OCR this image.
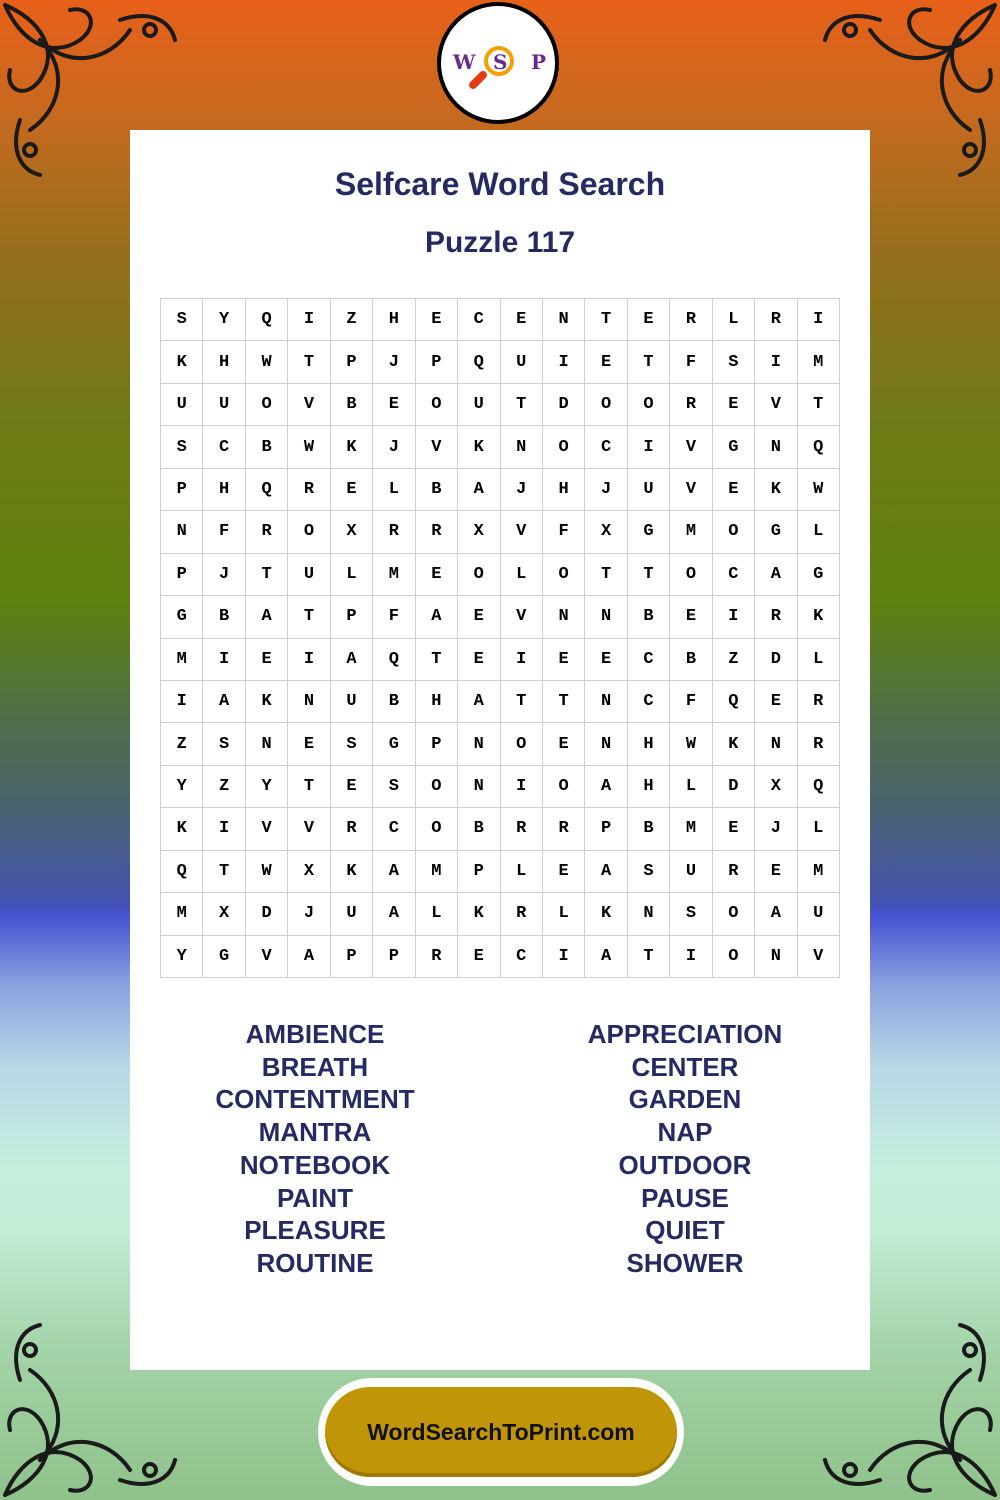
W S P
Selfcare Word Search
Puzzle 117
S	Y	Q	I	Z	H	E	C	E	N	T	E	R	L	R	I
K	H	W	T	P	J	P	Q	U	I	E	T	F	S	I	M
U	U	O	V	B	E	O	U	T	D	O	O	R	E	V	T
S	C	B	W	K	J	V	K	N	O	C	I	V	G	N	Q
P	H	Q	R	E	L	B	A	J	H	J	U	V	E	K	W
N	F	R	O	X	R	R	X	V	F	X	G	M	O	G	L
P	J	T	U	L	M	E	O	L	O	T	T	O	C	A	G
G	B	A	T	P	F	A	E	V	N	N	B	E	I	R	K
M	I	E	I	A	Q	T	E	I	E	E	C	B	Z	D	L
I	A	K	N	U	B	H	A	T	T	N	C	F	Q	E	R
Z	S	N	E	S	G	P	N	O	E	N	H	W	K	N	R
Y	Z	Y	T	E	S	O	N	I	O	A	H	L	D	X	Q
K	I	V	V	R	C	O	B	R	R	P	B	M	E	J	L
Q	T	W	X	K	A	M	P	L	E	A	S	U	R	E	M
M	X	D	J	U	A	L	K	R	L	K	N	S	O	A	U
Y	G	V	A	P	P	R	E	C	I	A	T	I	O	N	V
AMBIENCE
BREATH
CONTENTMENT
MANTRA
NOTEBOOK
PAINT
PLEASURE
ROUTINE
APPRECIATION
CENTER
GARDEN
NAP
OUTDOOR
PAUSE
QUIET
SHOWER
WordSearchToPrint.com
